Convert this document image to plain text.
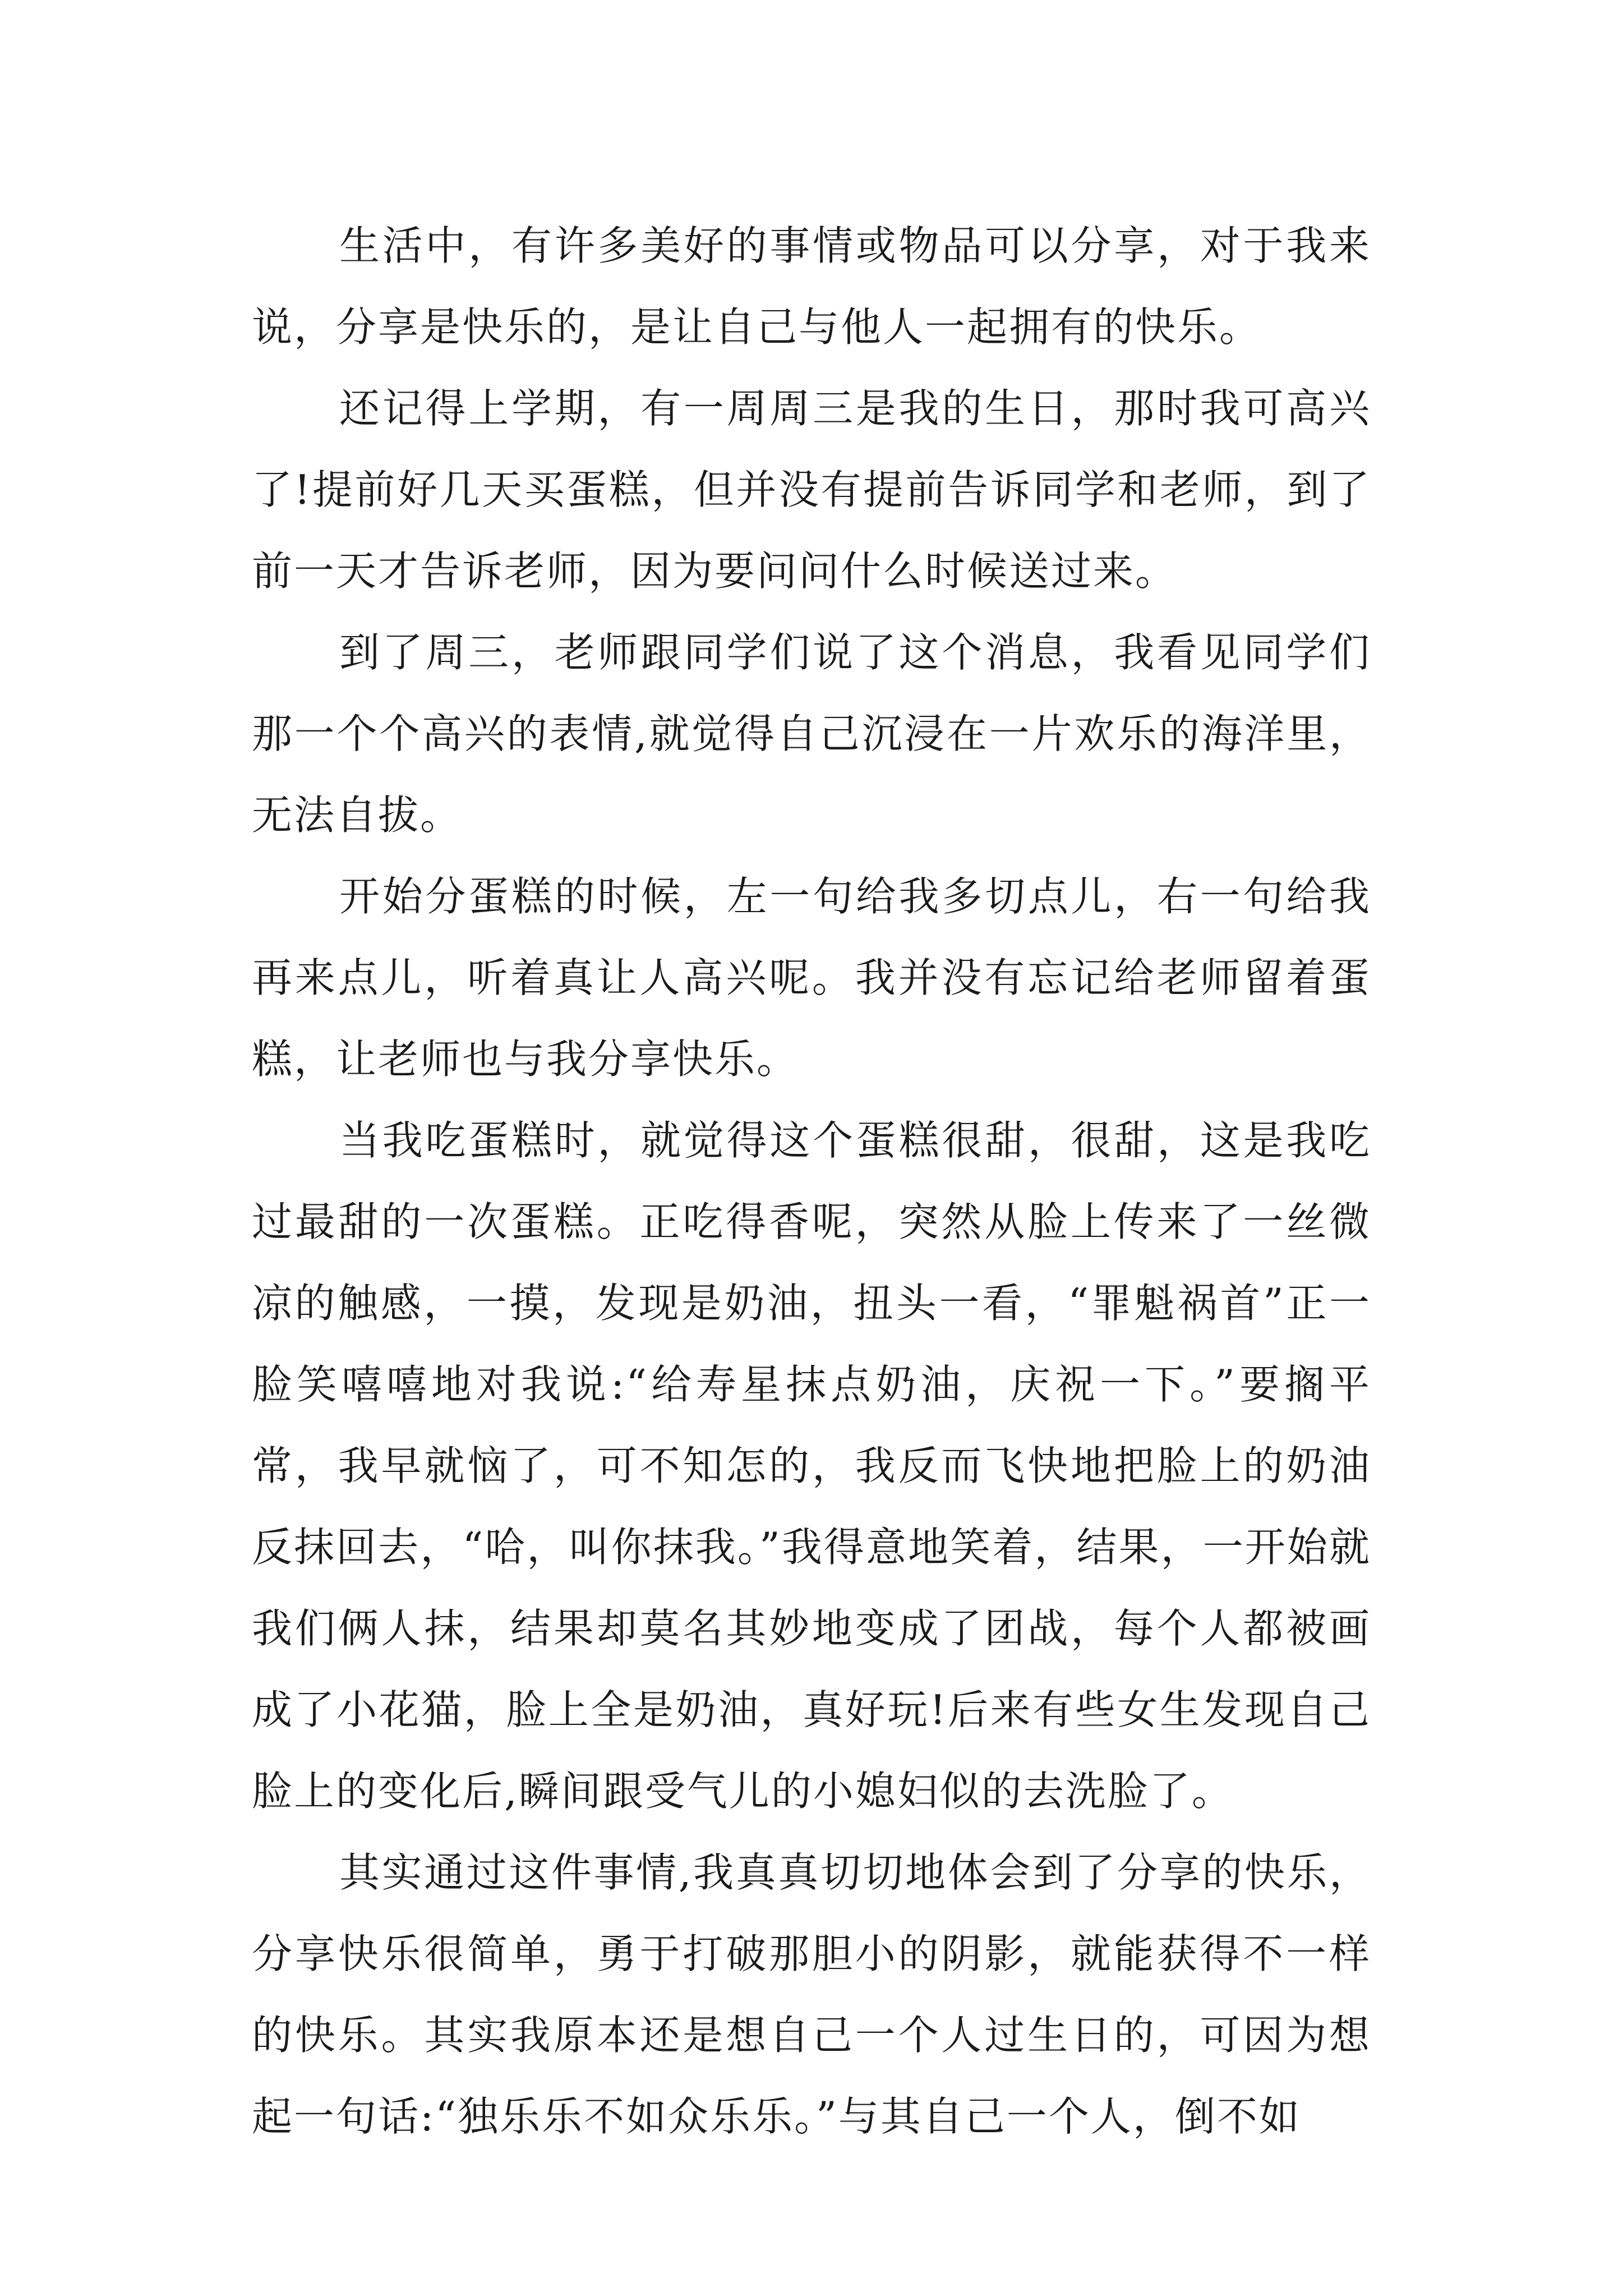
生活中，有许多美好的事情或物品可以分享，对于我来说，分享是快乐的，是让自己与他人一起拥有的快乐。

还记得上学期，有一周周三是我的生日，那时我可高兴了!提前好几天买蛋糕，但并没有提前告诉同学和老师，到了前一天才告诉老师，因为要问问什么时候送过来。

到了周三，老师跟同学们说了这个消息，我看见同学们那一个个高兴的表情,就觉得自己沉浸在一片欢乐的海洋里，无法自拔。

开始分蛋糕的时候，左一句给我多切点儿，右一句给我再来点儿，听着真让人高兴呢。我并没有忘记给老师留着蛋糕，让老师也与我分享快乐。

当我吃蛋糕时，就觉得这个蛋糕很甜，很甜，这是我吃过最甜的一次蛋糕。正吃得香呢，突然从脸上传来了一丝微凉的触感，一摸，发现是奶油，扭头一看，“罪魁祸首”正一脸笑嘻嘻地对我说:“给寿星抹点奶油，庆祝一下。”要搁平常，我早就恼了，可不知怎的，我反而飞快地把脸上的奶油反抹回去，“哈，叫你抹我。”我得意地笑着，结果，一开始就我们俩人抹，结果却莫名其妙地变成了团战，每个人都被画成了小花猫，脸上全是奶油，真好玩!后来有些女生发现自己脸上的变化后,瞬间跟受气儿的小媳妇似的去洗脸了。

其实通过这件事情,我真真切切地体会到了分享的快乐，分享快乐很简单，勇于打破那胆小的阴影，就能获得不一样的快乐。其实我原本还是想自己一个人过生日的，可因为想起一句话:“独乐乐不如众乐乐。”与其自己一个人，倒不如
